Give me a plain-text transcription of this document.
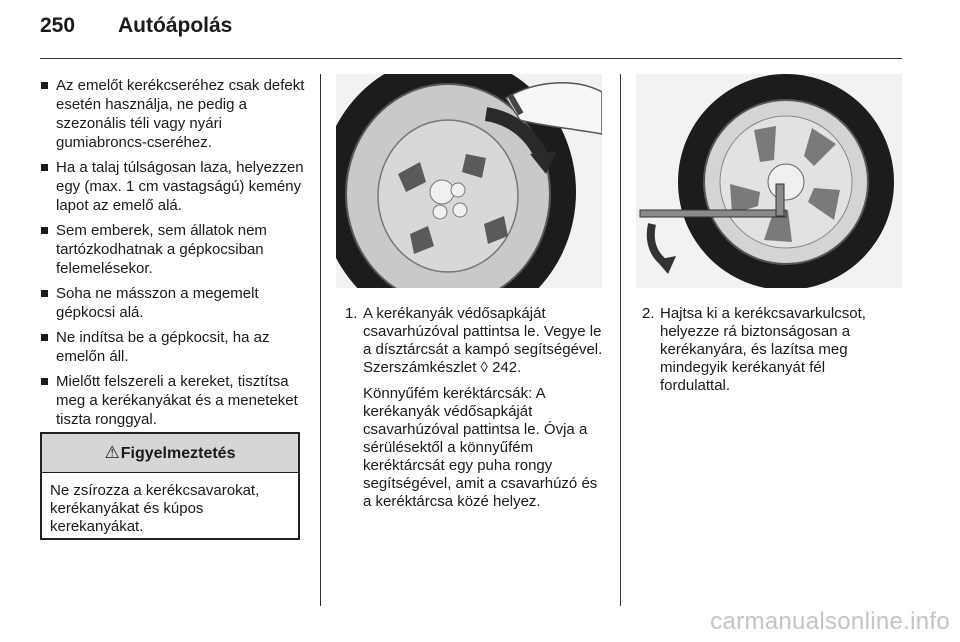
250 Autóápolás
Az emelőt kerékcseréhez csak defekt esetén használja, ne pedig a szezonális téli vagy nyári gumiabroncs-cseréhez.
Ha a talaj túlságosan laza, helyezzen egy (max. 1 cm vastagságú) kemény lapot az emelő alá.
Sem emberek, sem állatok nem tartózkodhatnak a gépkocsiban felemelésekor.
Soha ne másszon a megemelt gépkocsi alá.
Ne indítsa be a gépkocsit, ha az emelőn áll.
Mielőtt felszereli a kereket, tisztítsa meg a kerékanyákat és a meneteket tiszta ronggyal.
⚠Figyelmeztetés
Ne zsírozza a kerékcsavarokat, kerékanyákat és kúpos kerekanyákat.
1. A kerékanyák védősapkáját csavarhúzóval pattintsa le. Vegye le a dísztárcsát a kampó segítségével. Szerszámkészlet ◊ 242.

Könnyűfém keréktárcsák: A kerékanyák védősapkáját csavarhúzóval pattintsa le. Óvja a sérülésektől a könnyűfém keréktárcsát egy puha rongy segítségével, amit a csavarhúzó és a keréktárcsa közé helyez.

2. Hajtsa ki a kerékcsavarkulcsot, helyezze rá biztonságosan a kerékanyára, és lazítsa meg mindegyik kerékanyát fél fordulattal.

carmanualsonline.info
